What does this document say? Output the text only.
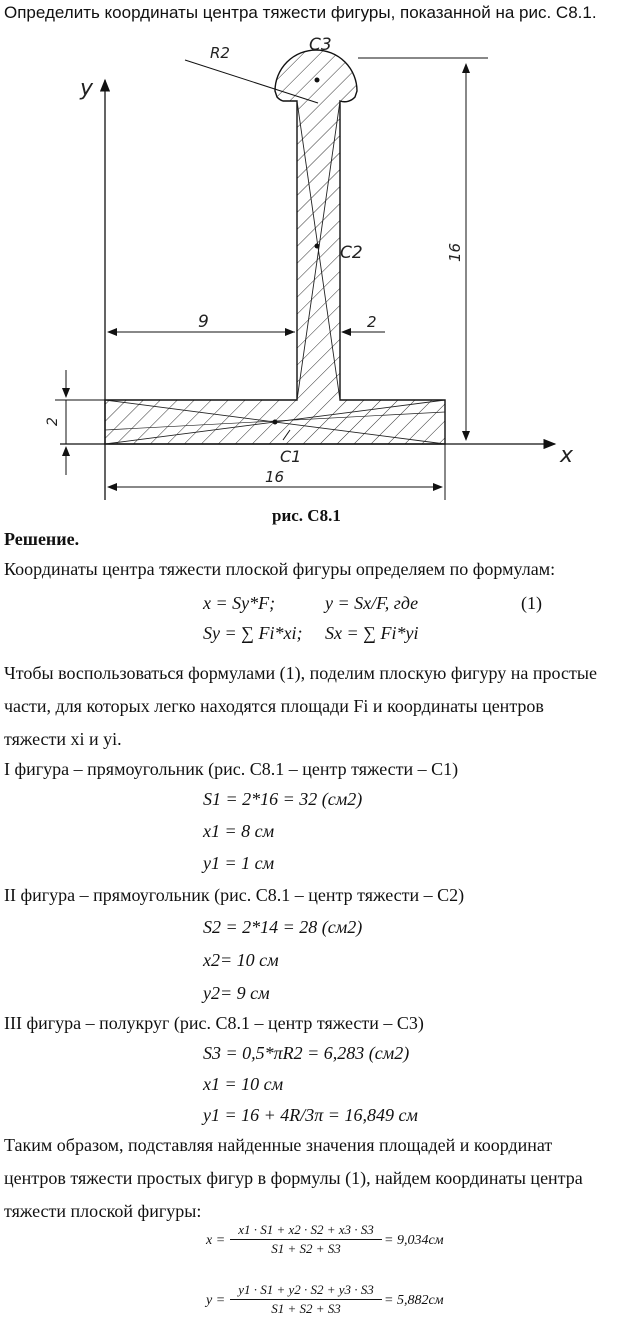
Определить координаты центра тяжести фигуры, показанной на рис. С8.1.
R2	C3
C2
C1
y
x
9	2
2
16
16
рис. С8.1
Решение.
Координаты центра тяжести плоской фигуры определяем по формулам:
x = Sy*F;	y = Sx/F, где	(1)
Sy = ∑ Fi*xi; Sx = ∑ Fi*yi
Чтобы воспользоваться формулами (1), поделим плоскую фигуру на простые
части, для которых легко находятся площади Fi и координаты центров
тяжести xi и yi.
I фигура – прямоугольник (рис. С8.1 – центр тяжести – C1)
S1 = 2*16 = 32 (см2)
x1 = 8 см
y1 = 1 см
II фигура – прямоугольник (рис. С8.1 – центр тяжести – C2)
S2 = 2*14 = 28 (см2)
x2= 10 см
y2= 9 см
III фигура – полукруг (рис. С8.1 – центр тяжести – C3)
S3 = 0,5*πR2 = 6,283 (см2)
x1 = 10 см
y1 = 16 + 4R/3π = 16,849 см
Таким образом, подставляя найденные значения площадей и координат
центров тяжести простых фигур в формулы (1), найдем координаты центра
тяжести плоской фигуры:
x =
x1 · S1 + x2 · S2 + x3 · S3
S1 + S2 + S3
= 9,034см
y =
y1 · S1 + y2 · S2 + y3 · S3
S1 + S2 + S3
= 5,882см
